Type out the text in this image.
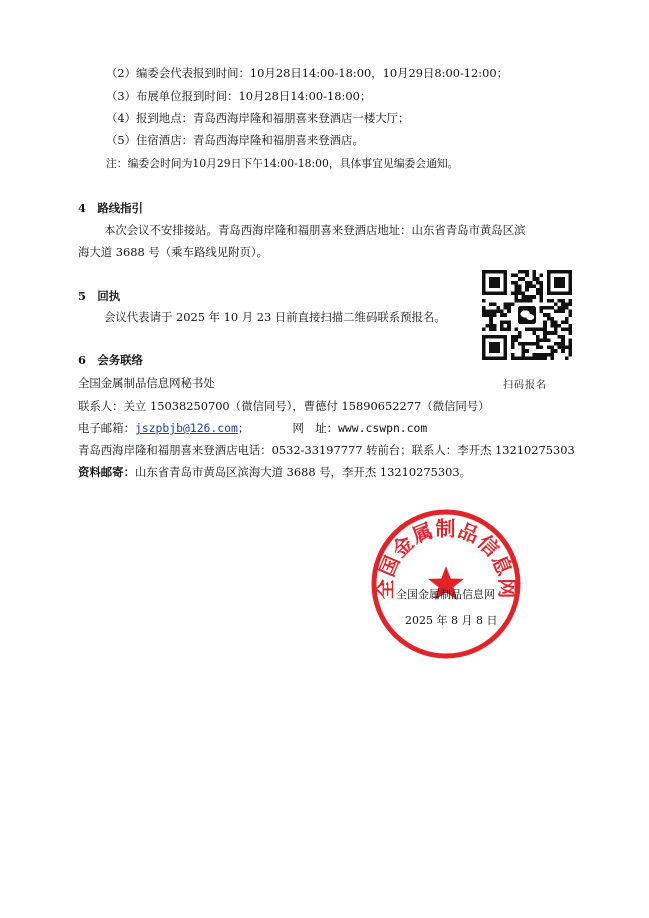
（2）编委会代表报到时间：10月28日14:00-18:00，10月29日8:00-12:00；
（3）布展单位报到时间：10月28日14:00-18:00；
（4）报到地点：青岛西海岸隆和福朋喜来登酒店一楼大厅；
（5）住宿酒店：青岛西海岸隆和福朋喜来登酒店。
注：编委会时间为10月29日下午14:00-18:00，具体事宜见编委会通知。
4　路线指引
本次会议不安排接站。青岛西海岸隆和福朋喜来登酒店地址：山东省青岛市黄岛区滨
海大道 3688 号（乘车路线见附页）。
5　回执
会议代表请于 2025 年 10 月 23 日前直接扫描二维码联系预报名。
扫码报名
6　会务联络
全国金属制品信息网秘书处
联系人：关立 15038250700（微信同号），曹德付 15890652277（微信同号）
电子邮箱：jszpbjb@126.com；	网　址：www.cswpn.com
青岛西海岸隆和福朋喜来登酒店电话：0532-33197777 转前台；联系人：李开杰 13210275303
资料邮寄：山东省青岛市黄岛区滨海大道 3688 号，李开杰 13210275303。
全国金属制品信息网
全国金属制品信息网
2025 年 8 月 8 日
